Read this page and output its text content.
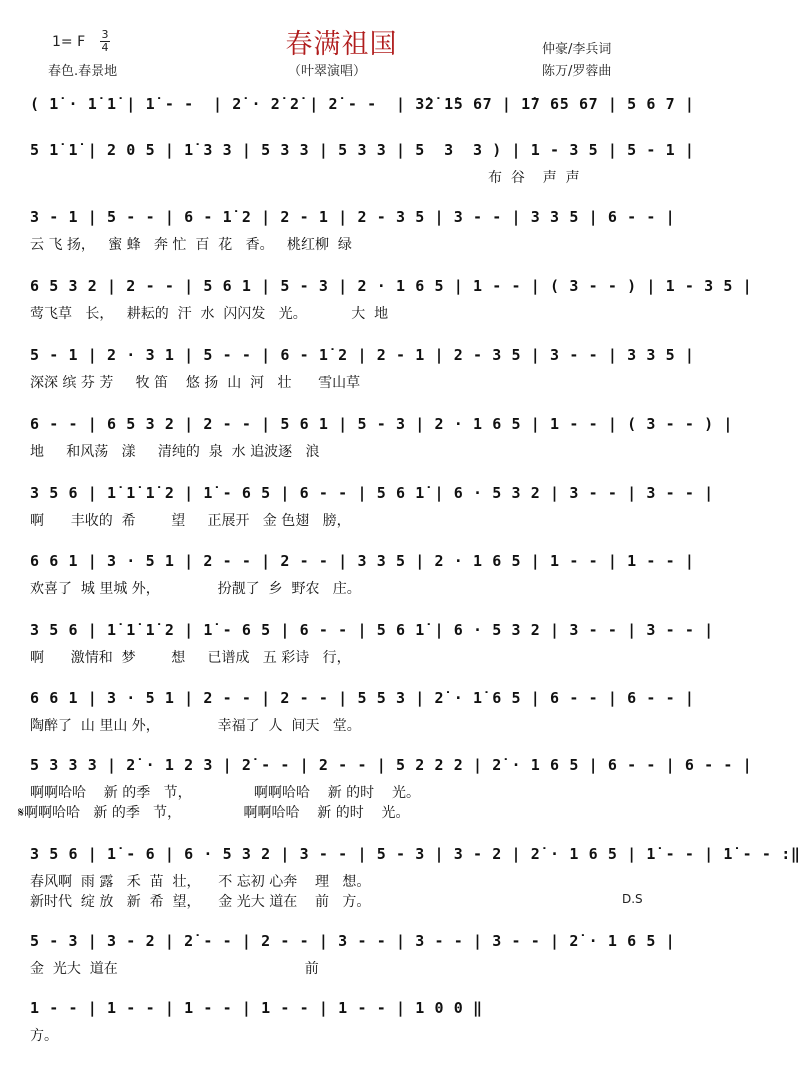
春满祖国
1= F 3
4
春色.春景地	（叶翠演唱）
仲豪/李兵词
陈万/罗蓉曲
( 1̇ · 1̇ 1̇ | 1̇ - -  | 2̇ · 2̇ 2̇ | 2̇ - -  | 3̇2̇ 1̇5 67 | 1̇7 65 67 | 5 6 7 |
5 1̇ 1̇ | 2 0 5 | 1̇ 3 3 | 5 3 3 | 5 3 3 | 5  3  3 ) | 1 - 3 5 | 5 - 1 |
布  谷    声  声
3 - 1 | 5 - - | 6 - 1̇ 2 | 2 - 1 | 2 - 3 5 | 3 - - | 3 3 5 | 6 - - |
云 飞 扬，   蜜 蜂   奔 忙  百  花   香。   桃红柳  绿
6 5 3 2 | 2 - - | 5 6 1 | 5 - 3 | 2 · 1 6 5 | 1 - - | ( 3 - - ) | 1 - 3 5 |
莺飞草   长，   耕耘的  汗  水  闪闪发   光。          大  地
5 - 1 | 2 · 3 1 | 5 - - | 6 - 1̇ 2 | 2 - 1 | 2 - 3 5 | 3 - - | 3 3 5 |
深深 缤 芬 芳     牧 笛    悠 扬  山  河   壮      雪山草
6 - - | 6 5 3 2 | 2 - - | 5 6 1 | 5 - 3 | 2 · 1 6 5 | 1 - - | ( 3 - - ) |
地     和风荡   漾     清纯的  泉  水 追波逐   浪
3 5 6 | 1̇ 1̇ 1̇ 2 | 1̇ - 6 5 | 6 - - | 5 6 1̇ | 6 · 5 3 2 | 3 - - | 3 - - |
啊      丰收的  希        望     正展开   金 色翅   膀，
6 6 1 | 3 · 5 1 | 2 - - | 2 - - | 3 3 5 | 2 · 1 6 5 | 1 - - | 1 - - |
欢喜了  城 里城 外，             扮靓了  乡  野农   庄。
3 5 6 | 1̇ 1̇ 1̇ 2 | 1̇ - 6 5 | 6 - - | 5 6 1̇ | 6 · 5 3 2 | 3 - - | 3 - - |
啊      激情和  梦        想     已谱成   五 彩诗   行，
6 6 1 | 3 · 5 1 | 2 - - | 2 - - | 5 5 3 | 2̇ · 1̇ 6 5 | 6 - - | 6 - - |
陶醉了  山 里山 外，             幸福了  人  间天   堂。
5 3 3 3 | 2̇ · 1 2 3 | 2̇ - - | 2 - - | 5 2 2 2 | 2̇ · 1 6 5 | 6 - - | 6 - - |
啊啊哈哈    新 的季   节，              啊啊哈哈    新 的时    光。
𝄋啊啊哈哈   新 的季   节，              啊啊哈哈    新 的时    光。
3 5 6 | 1̇ - 6 | 6 · 5 3 2 | 3 - - | 5 - 3 | 3 - 2 | 2̇ · 1 6 5 | 1̇ - - | 1̇ - - :‖
春风啊  雨 露   禾  苗  壮，    不 忘初 心奔    理   想。
新时代  绽 放   新  希  望，    金 光大 道在    前   方。	D.S
5 - 3 | 3 - 2 | 2̇ - - | 2 - - | 3 - - | 3 - - | 3 - - | 2̇ · 1 6 5 |
金  光大  道在                                          前
1 - - | 1 - - | 1 - - | 1 - - | 1 - - | 1 0 0 ‖
方。
